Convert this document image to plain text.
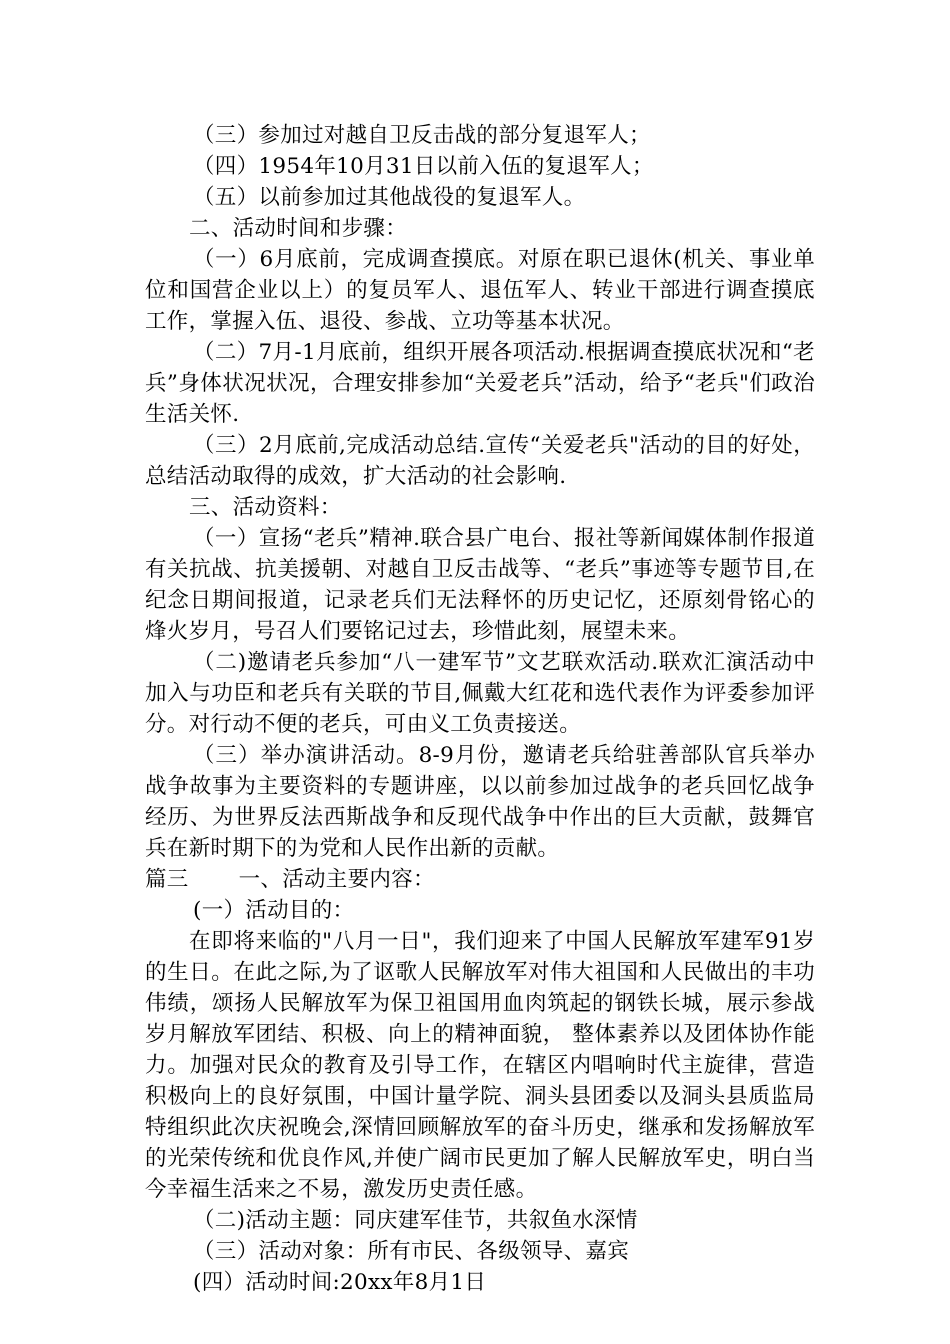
（三）参加过对越自卫反击战的部分复退军人；

（四）1954年10月31日以前入伍的复退军人；

（五）以前参加过其他战役的复退军人。

二、活动时间和步骤：

（一）6月底前，完成调查摸底。对原在职已退休(机关、事业单位和国营企业以上）的复员军人、退伍军人、转业干部进行调查摸底工作，掌握入伍、退役、参战、立功等基本状况。

（二）7月-1月底前，组织开展各项活动.根据调查摸底状况和“老兵”身体状况状况，合理安排参加“关爱老兵”活动，给予“老兵"们政治生活关怀.

（三）2月底前,完成活动总结.宣传“关爱老兵"活动的目的好处，总结活动取得的成效，扩大活动的社会影响.

三、活动资料：

（一）宣扬“老兵”精神.联合县广电台、报社等新闻媒体制作报道有关抗战、抗美援朝、对越自卫反击战等、“老兵”事迹等专题节目,在纪念日期间报道，记录老兵们无法释怀的历史记忆，还原刻骨铭心的烽火岁月，号召人们要铭记过去，珍惜此刻，展望未来。

（二)邀请老兵参加“八一建军节”文艺联欢活动.联欢汇演活动中加入与功臣和老兵有关联的节目,佩戴大红花和选代表作为评委参加评分。对行动不便的老兵，可由义工负责接送。

（三）举办演讲活动。8-9月份，邀请老兵给驻善部队官兵举办战争故事为主要资料的专题讲座，以以前参加过战争的老兵回忆战争经历、为世界反法西斯战争和反现代战争中作出的巨大贡献，鼓舞官兵在新时期下的为党和人民作出新的贡献。

篇三 一、活动主要内容：

(一）活动目的：

在即将来临的"八月一日"，我们迎来了中国人民解放军建军91岁的生日。在此之际,为了讴歌人民解放军对伟大祖国和人民做出的丰功伟绩，颂扬人民解放军为保卫祖国用血肉筑起的钢铁长城，展示参战岁月解放军团结、积极、向上的精神面貌， 整体素养以及团体协作能力。加强对民众的教育及引导工作，在辖区内唱响时代主旋律，营造积极向上的良好氛围，中国计量学院、洞头县团委以及洞头县质监局特组织此次庆祝晚会,深情回顾解放军的奋斗历史，继承和发扬解放军的光荣传统和优良作风,并使广阔市民更加了解人民解放军史，明白当今幸福生活来之不易，激发历史责任感。

（二)活动主题：同庆建军佳节，共叙鱼水深情

（三）活动对象：所有市民、各级领导、嘉宾

(四）活动时间:20xx年8月1日
